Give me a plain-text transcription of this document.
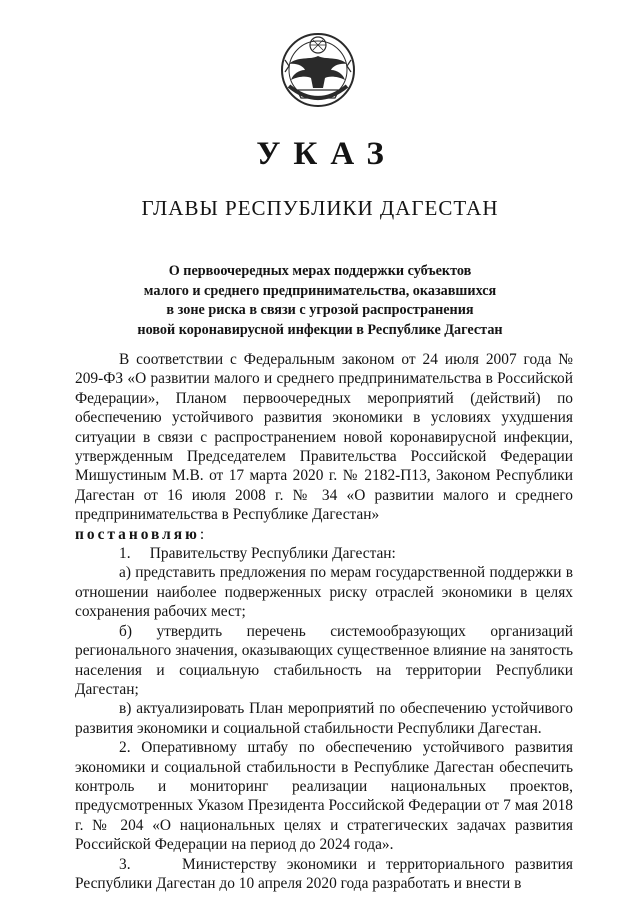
УКАЗ
ГЛАВЫ РЕСПУБЛИКИ ДАГЕСТАН
О первоочередных мерах поддержки субъектов
малого и среднего предпринимательства, оказавшихся
в зоне риска в связи с угрозой распространения
новой коронавирусной инфекции в Республике Дагестан

В соответствии с Федеральным законом от 24 июля 2007 года № 209-ФЗ «О развитии малого и среднего предпринимательства в Российской Федерации», Планом первоочередных мероприятий (действий) по обеспечению устойчивого развития экономики в условиях ухудшения ситуации в связи с распространением новой коронавирусной инфекции, утвержденным Председателем Правительства Российской Федерации Мишустиным М.В. от 17 марта 2020 г. № 2182-П13, Законом Республики Дагестан от 16 июля 2008 г. № 34 «О развитии малого и среднего предпринимательства в Республике Дагестан»

постановляю:

1.     Правительству Республики Дагестан:

а) представить предложения по мерам государственной поддержки в отношении наиболее подверженных риску отраслей экономики в целях сохранения рабочих мест;

б) утвердить перечень системообразующих организаций регионального значения, оказывающих существенное влияние на занятость населения и социальную стабильность на территории Республики Дагестан;

в) актуализировать План мероприятий по обеспечению устойчивого развития экономики и социальной стабильности Республики Дагестан.

2. Оперативному штабу по обеспечению устойчивого развития экономики и социальной стабильности в Республике Дагестан обеспечить контроль и мониторинг реализации национальных проектов, предусмотренных Указом Президента Российской Федерации от 7 мая 2018 г. № 204 «О национальных целях и стратегических задачах развития Российской Федерации на период до 2024 года».

3.     Министерству экономики и территориального развития Республики Дагестан до 10 апреля 2020 года разработать и внести в
